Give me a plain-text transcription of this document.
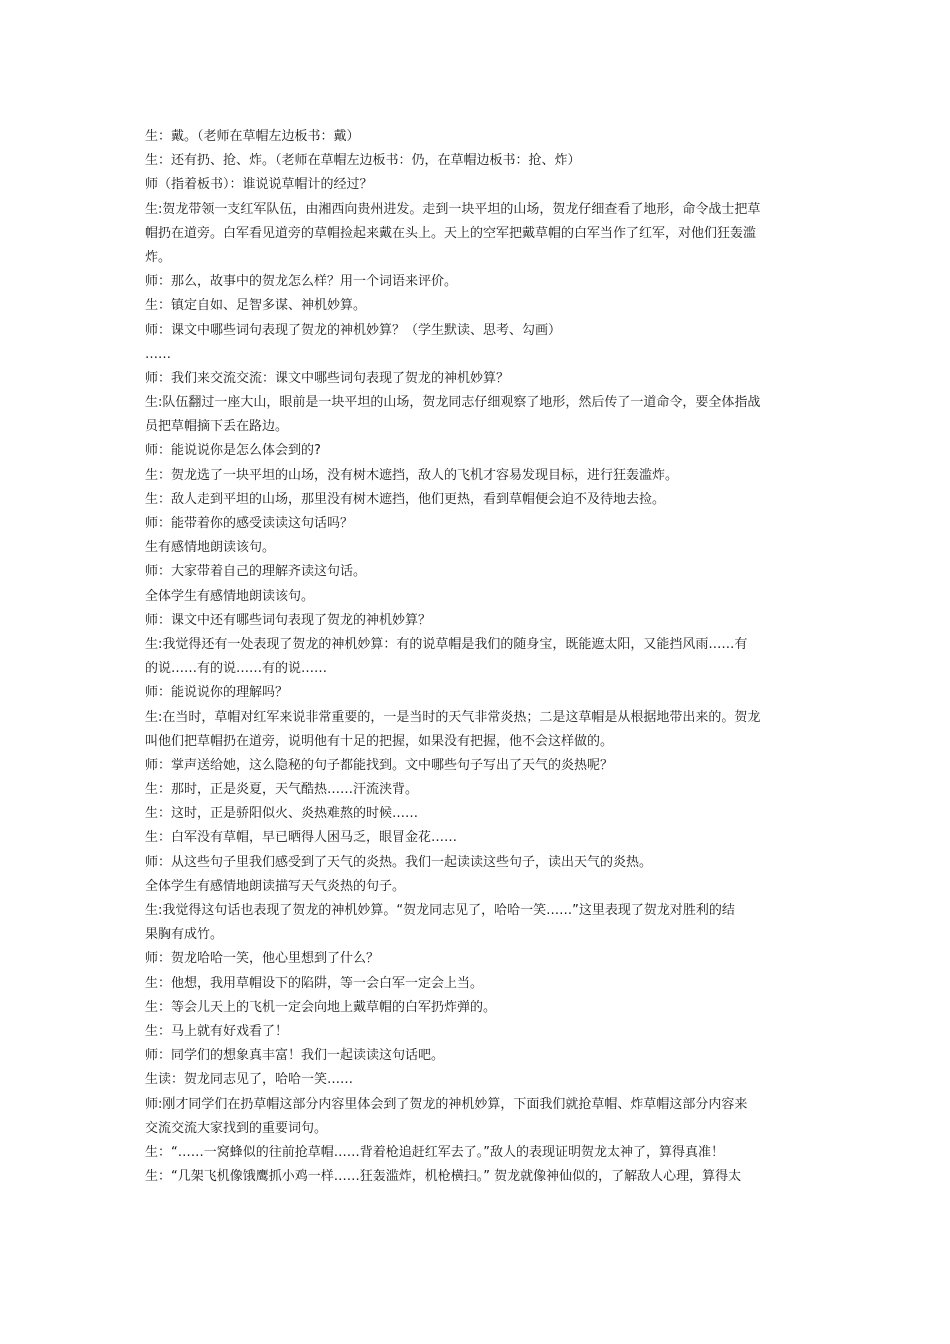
生：戴。（老师在草帽左边板书：戴）
生：还有扔、抢、炸。（老师在草帽左边板书：仍，在草帽边板书：抢、炸）
师（指着板书）：谁说说草帽计的经过？
生:贺龙带领一支红军队伍，由湘西向贵州进发。走到一块平坦的山场，贺龙仔细查看了地形，命令战士把草
帽扔在道旁。白军看见道旁的草帽捡起来戴在头上。天上的空军把戴草帽的白军当作了红军，对他们狂轰滥
炸。
师：那么，故事中的贺龙怎么样？用一个词语来评价。
生：镇定自如、足智多谋、神机妙算。
师：课文中哪些词句表现了贺龙的神机妙算？（学生默读、思考、勾画）
……
师：我们来交流交流：课文中哪些词句表现了贺龙的神机妙算？
生:队伍翻过一座大山，眼前是一块平坦的山场，贺龙同志仔细观察了地形，然后传了一道命令，要全体指战
员把草帽摘下丢在路边。
师：能说说你是怎么体会到的?
生：贺龙选了一块平坦的山场，没有树木遮挡，敌人的飞机才容易发现目标，进行狂轰滥炸。
生：敌人走到平坦的山场，那里没有树木遮挡，他们更热，看到草帽便会迫不及待地去捡。
师：能带着你的感受读读这句话吗？
生有感情地朗读该句。
师：大家带着自己的理解齐读这句话。
全体学生有感情地朗读该句。
师：课文中还有哪些词句表现了贺龙的神机妙算？
生:我觉得还有一处表现了贺龙的神机妙算：有的说草帽是我们的随身宝，既能遮太阳，又能挡风雨……有
的说……有的说……有的说……
师：能说说你的理解吗？
生:在当时，草帽对红军来说非常重要的，一是当时的天气非常炎热；二是这草帽是从根据地带出来的。贺龙
叫他们把草帽扔在道旁，说明他有十足的把握，如果没有把握，他不会这样做的。
师：掌声送给她，这么隐秘的句子都能找到。文中哪些句子写出了天气的炎热呢？
生：那时，正是炎夏，天气酷热……汗流浃背。
生：这时，正是骄阳似火、炎热难熬的时候……
生：白军没有草帽，早已晒得人困马乏，眼冒金花……
师：从这些句子里我们感受到了天气的炎热。我们一起读读这些句子，读出天气的炎热。
全体学生有感情地朗读描写天气炎热的句子。
生:我觉得这句话也表现了贺龙的神机妙算。“贺龙同志见了，哈哈一笑……”这里表现了贺龙对胜利的结
果胸有成竹。
师：贺龙哈哈一笑，他心里想到了什么？
生：他想，我用草帽设下的陷阱，等一会白军一定会上当。
生：等会儿天上的飞机一定会向地上戴草帽的白军扔炸弹的。
生：马上就有好戏看了！
师：同学们的想象真丰富！我们一起读读这句话吧。
生读：贺龙同志见了，哈哈一笑……
师:刚才同学们在扔草帽这部分内容里体会到了贺龙的神机妙算，下面我们就抢草帽、炸草帽这部分内容来
交流交流大家找到的重要词句。
生：“……一窝蜂似的往前抢草帽……背着枪追赶红军去了。”敌人的表现证明贺龙太神了，算得真准！
生：“几架飞机像饿鹰抓小鸡一样……狂轰滥炸，机枪横扫。” 贺龙就像神仙似的，了解敌人心理，算得太
